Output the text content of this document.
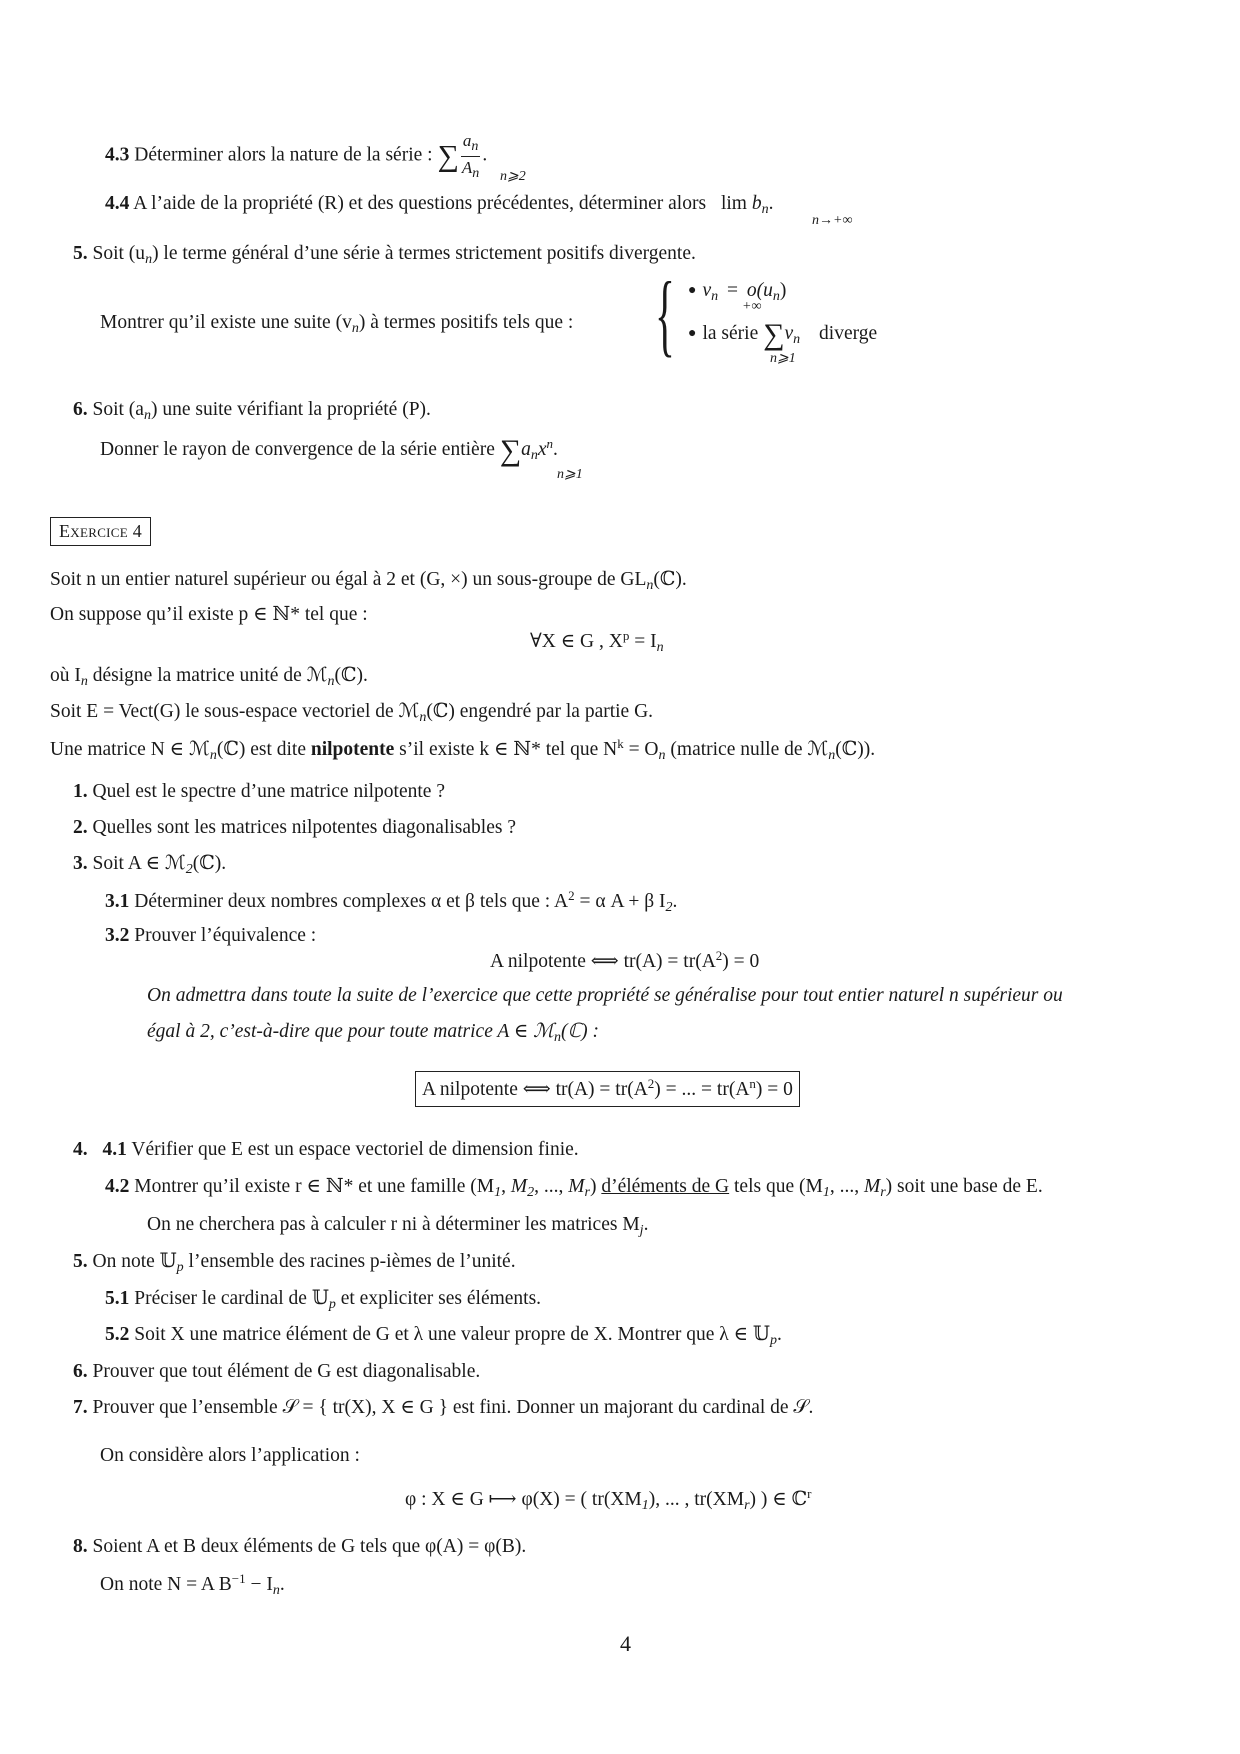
4.3 Déterminer alors la nature de la série : ∑ $\frac{a_n}{A_n}$ .
n⩾2
4.4 A l’aide de la propriété (R) et des questions précédentes, déterminer alors $\lim b_n$.
n→+∞
5. Soit $(u_n)$ le terme général d’une série à termes strictement positifs divergente.
Montrer qu’il existe une suite $(v_n)$ à termes positifs tels que : { ● $v_n = o(u_n)$
+∞
● la série $\sum v_n$ diverge
n⩾1
6. Soit $(a_n)$ une suite vérifiant la propriété (P).
Donner le rayon de convergence de la série entière $\sum a_nx^n$.
n⩾1
Exercice 4
Soit n un entier naturel supérieur ou égal à 2 et (G, ×) un sous-groupe de $GL_n(ℂ)$.
On suppose qu’il existe p ∈ ℕ* tel que :
∀X ∈ G , $X^p = I_n$
où $I_n$ désigne la matrice unité de ℳ$_n$(ℂ).
Soit E = Vect(G) le sous-espace vectoriel de ℳ$_n$(ℂ) engendré par la partie G.
Une matrice N ∈ ℳ$_n$(ℂ) est dite nilpotente s’il existe k ∈ ℕ* tel que $N^k = O_n$ (matrice nulle de ℳ$_n$(ℂ)).
1. Quel est le spectre d’une matrice nilpotente ?
2. Quelles sont les matrices nilpotentes diagonalisables ?
3. Soit A ∈ ℳ$_2$(ℂ).
3.1 Déterminer deux nombres complexes α et β tels que : $A^2 = \alpha$ A + β $I_2$.
3.2 Prouver l’équivalence :
A nilpotente ⟺ $tr(A) = tr(A^2) = 0$
On admettra dans toute la suite de l’exercice que cette propriété se généralise pour tout entier naturel n supérieur ou
égal à 2, c’est-à-dire que pour toute matrice A ∈ ℳ$_n$(ℂ) :
A nilpotente ⟺ $tr(A) = tr(A^2)$ = ... = $tr(A^n) = 0$
4. 4.1 Vérifier que E est un espace vectoriel de dimension finie.
4.2 Montrer qu’il existe r ∈ ℕ* et une famille ($M_1$, $M_2$, ..., $M_r$) d’éléments de G tels que ($M_1$, ..., $M_r$) soit une base de E.
On ne cherchera pas à calculer r ni à déterminer les matrices $M_j$.
5. On note 𝕌$_p$ l’ensemble des racines p-ièmes de l’unité.
5.1 Préciser le cardinal de 𝕌$_p$ et expliciter ses éléments.
5.2 Soit X une matrice élément de G et λ une valeur propre de X. Montrer que λ ∈ 𝕌$_p$.
6. Prouver que tout élément de G est diagonalisable.
7. Prouver que l’ensemble 𝒮 = { tr(X), X ∈ G } est fini. Donner un majorant du cardinal de 𝒮.
On considère alors l’application :
φ : X ∈ G ⟼ φ(X) = ( $tr(XM_1)$, ... , $tr(XM_r)$ ) ∈ ℂ$^r$
8. Soient A et B deux éléments de G tels que φ(A) = φ(B).
On note N = A $B^{-1} - I_n$.
4
